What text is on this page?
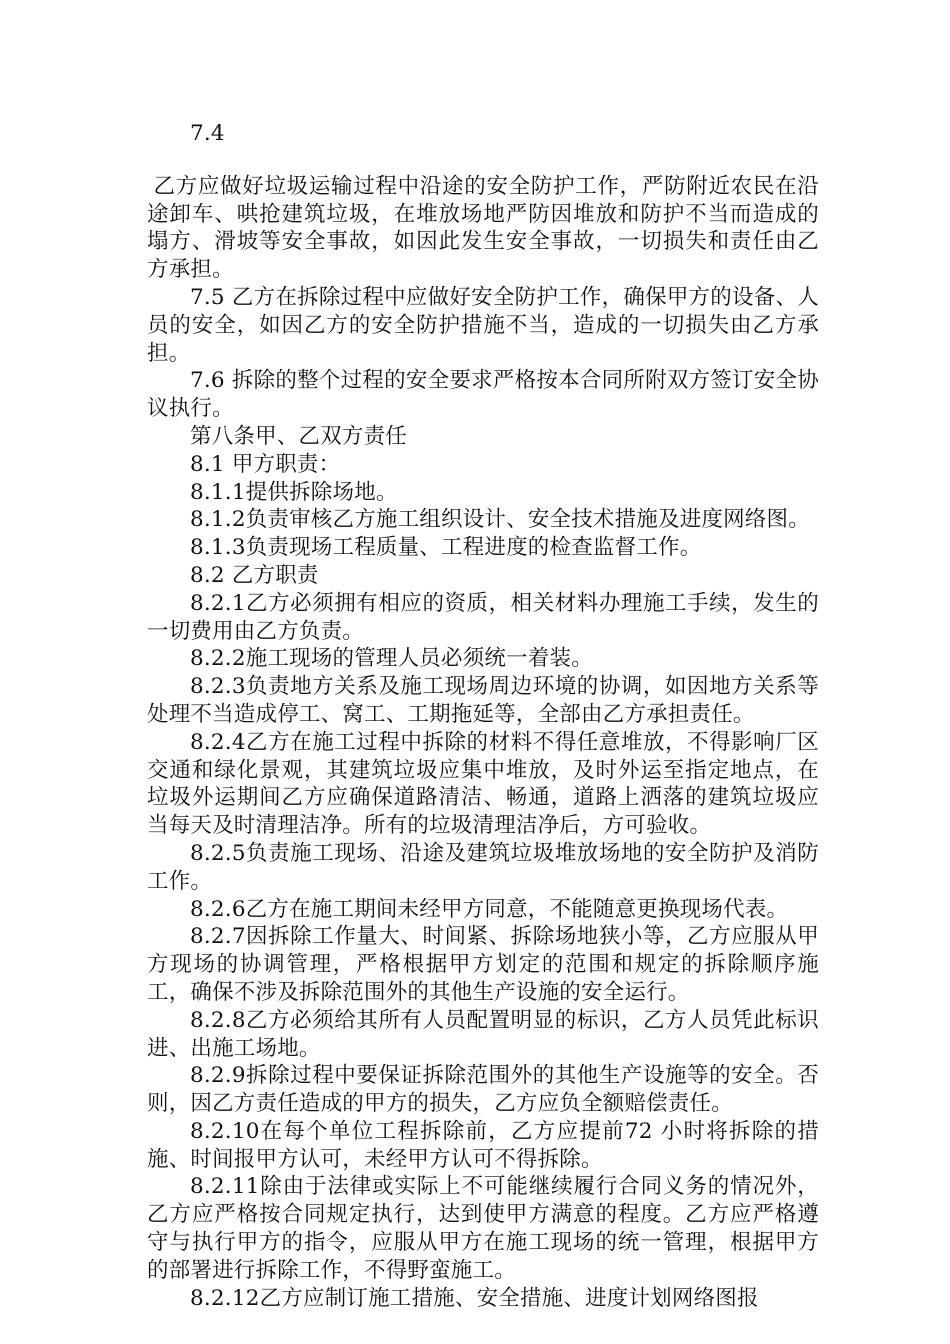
7.4

乙方应做好垃圾运输过程中沿途的安全防护工作，严防附近农民在沿途卸车、哄抢建筑垃圾，在堆放场地严防因堆放和防护不当而造成的塌方、滑坡等安全事故，如因此发生安全事故，一切损失和责任由乙方承担。

7.5 乙方在拆除过程中应做好安全防护工作，确保甲方的设备、人员的安全，如因乙方的安全防护措施不当，造成的一切损失由乙方承担。

7.6 拆除的整个过程的安全要求严格按本合同所附双方签订安全协议执行。

第八条甲、乙双方责任

8.1 甲方职责：

8.1.1提供拆除场地。

8.1.2负责审核乙方施工组织设计、安全技术措施及进度网络图。

8.1.3负责现场工程质量、工程进度的检查监督工作。

8.2 乙方职责

8.2.1乙方必须拥有相应的资质，相关材料办理施工手续，发生的一切费用由乙方负责。

8.2.2施工现场的管理人员必须统一着装。

8.2.3负责地方关系及施工现场周边环境的协调，如因地方关系等处理不当造成停工、窝工、工期拖延等，全部由乙方承担责任。

8.2.4乙方在施工过程中拆除的材料不得任意堆放，不得影响厂区交通和绿化景观，其建筑垃圾应集中堆放，及时外运至指定地点，在垃圾外运期间乙方应确保道路清洁、畅通，道路上洒落的建筑垃圾应当每天及时清理洁净。所有的垃圾清理洁净后，方可验收。

8.2.5负责施工现场、沿途及建筑垃圾堆放场地的安全防护及消防工作。

8.2.6乙方在施工期间未经甲方同意，不能随意更换现场代表。

8.2.7因拆除工作量大、时间紧、拆除场地狭小等，乙方应服从甲方现场的协调管理，严格根据甲方划定的范围和规定的拆除顺序施工，确保不涉及拆除范围外的其他生产设施的安全运行。

8.2.8乙方必须给其所有人员配置明显的标识，乙方人员凭此标识进、出施工场地。

8.2.9拆除过程中要保证拆除范围外的其他生产设施等的安全。否则，因乙方责任造成的甲方的损失，乙方应负全额赔偿责任。

8.2.10在每个单位工程拆除前，乙方应提前72 小时将拆除的措施、时间报甲方认可，未经甲方认可不得拆除。

8.2.11除由于法律或实际上不可能继续履行合同义务的情况外，乙方应严格按合同规定执行，达到使甲方满意的程度。乙方应严格遵守与执行甲方的指令，应服从甲方在施工现场的统一管理，根据甲方的部署进行拆除工作，不得野蛮施工。

8.2.12乙方应制订施工措施、安全措施、进度计划网络图报
